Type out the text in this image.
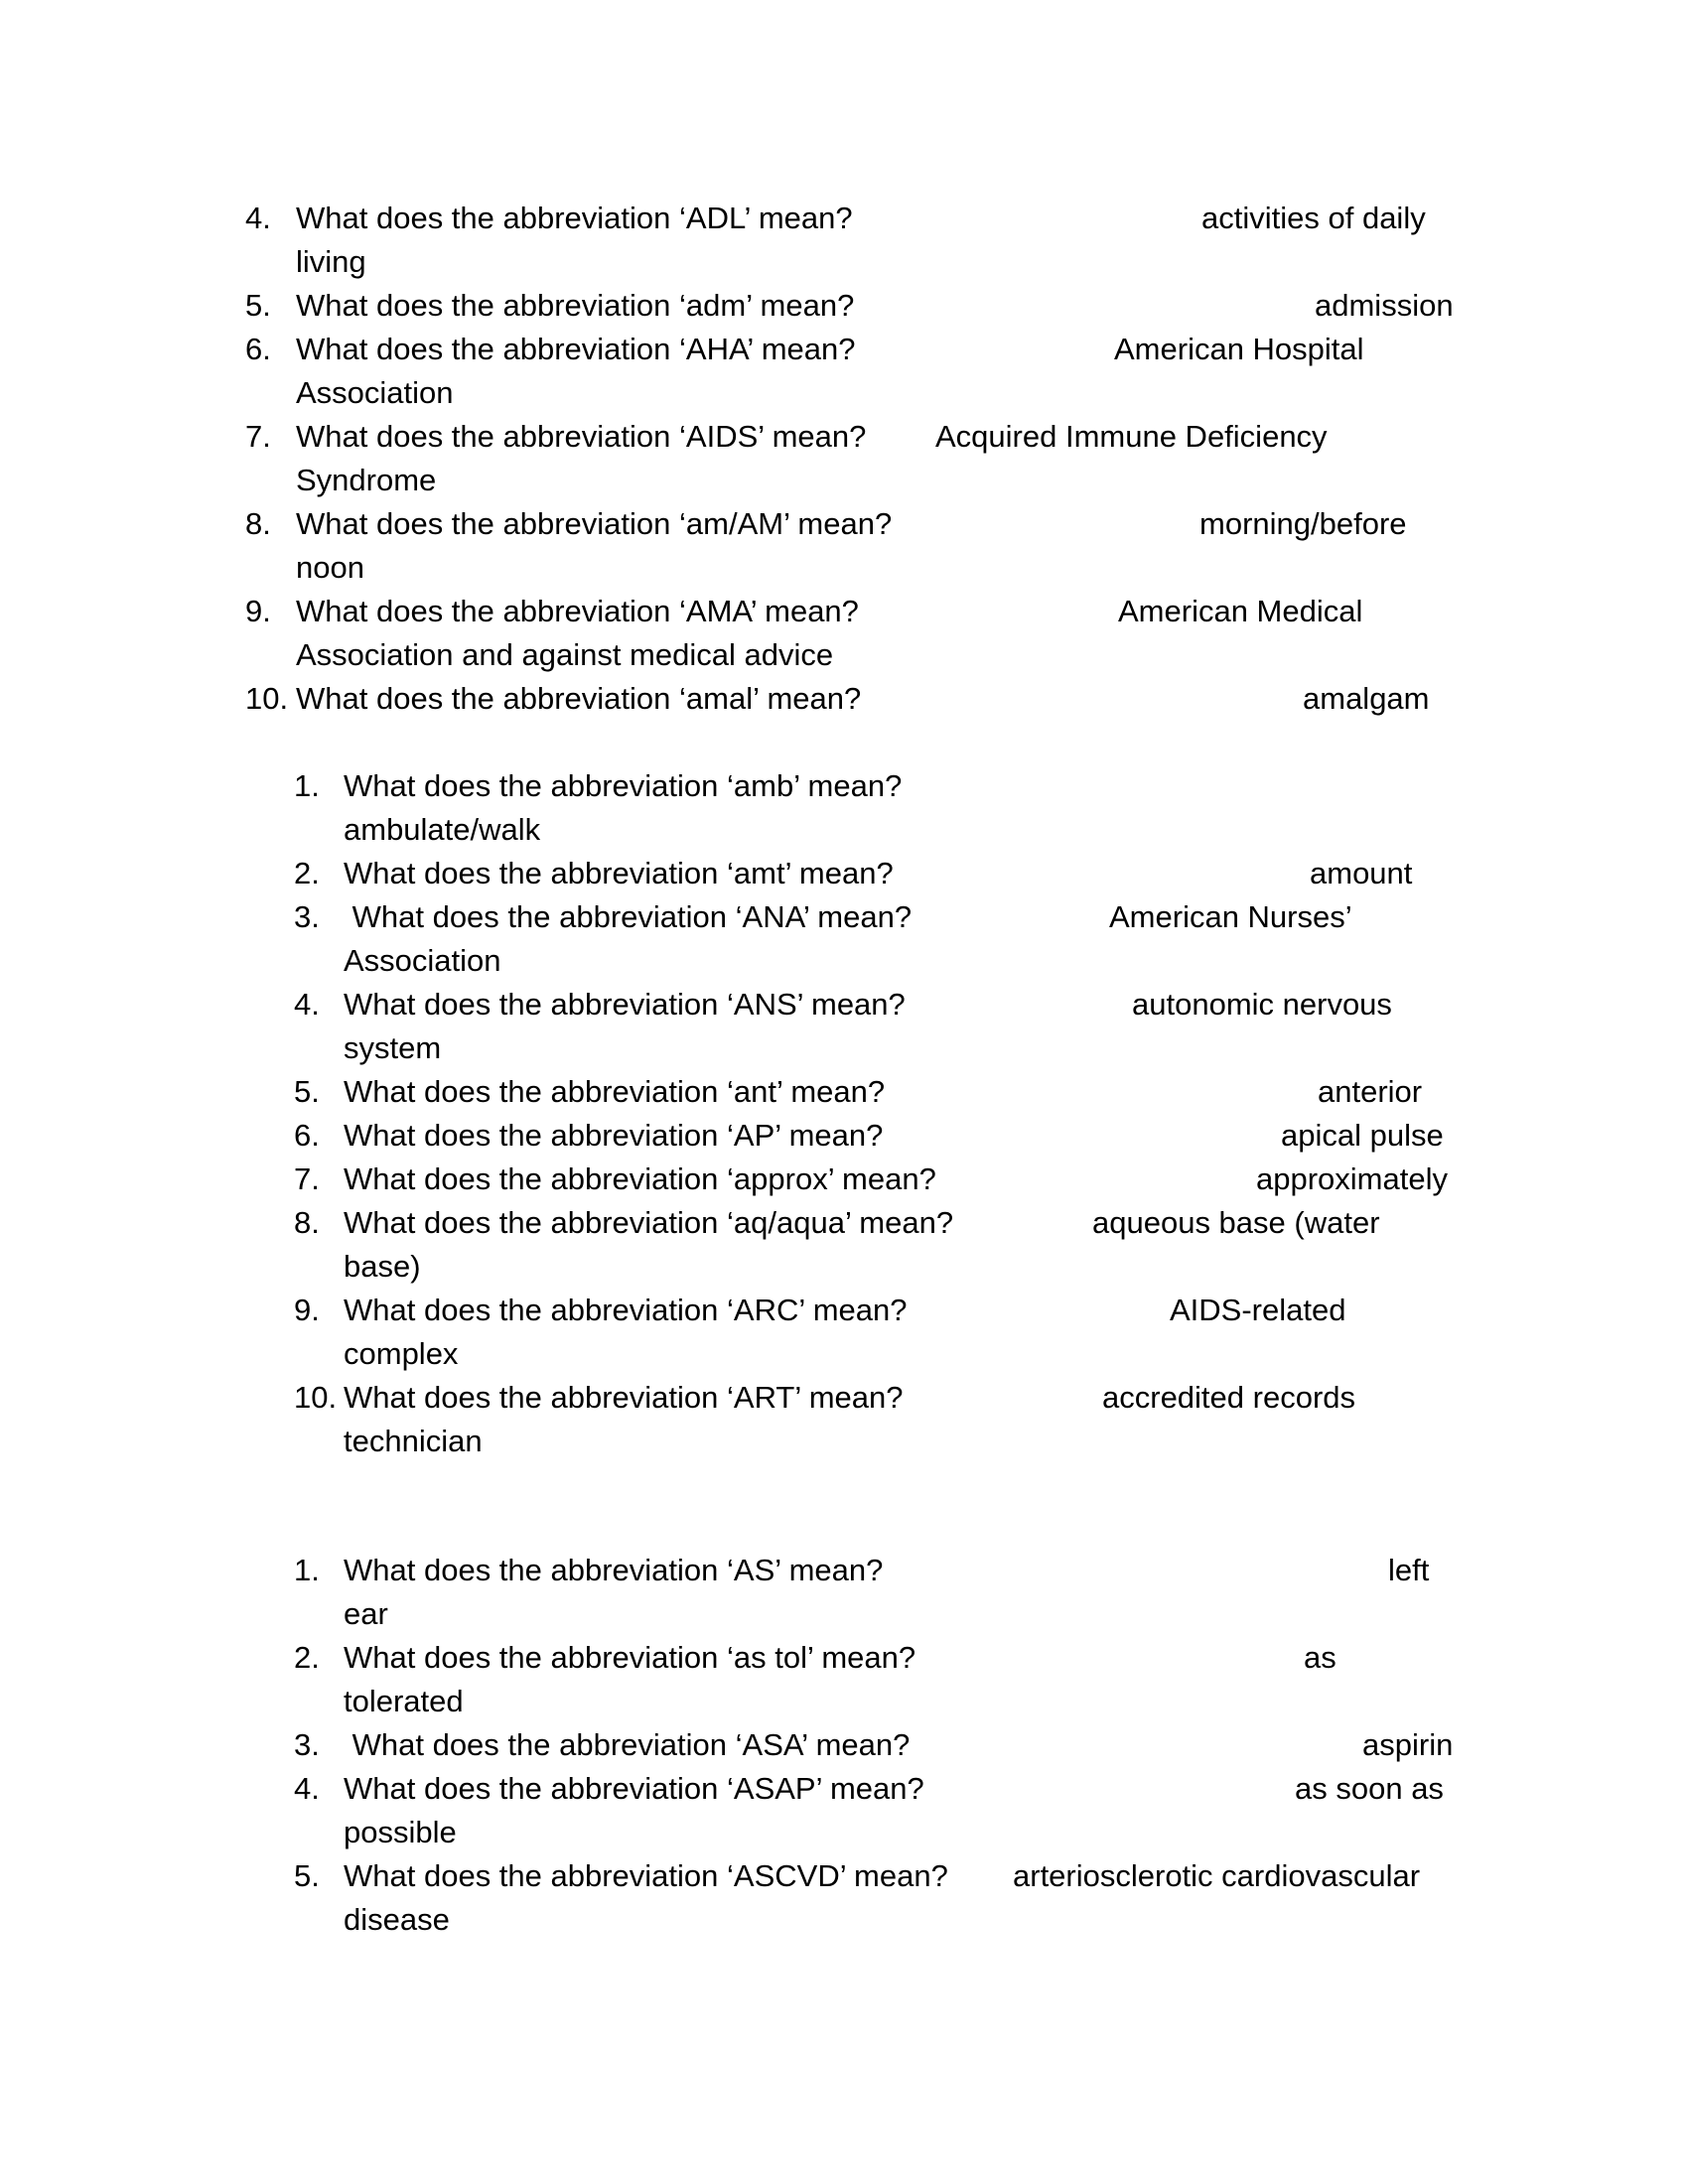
4. What does the abbreviation ‘ADL’ mean?	activities of daily
living
5. What does the abbreviation ‘adm’ mean?	admission
6. What does the abbreviation ‘AHA’ mean?	American Hospital
Association
7. What does the abbreviation ‘AIDS’ mean? Acquired Immune Deficiency
Syndrome
8. What does the abbreviation ‘am/AM’ mean?	morning/before
noon
9. What does the abbreviation ‘AMA’ mean?	American Medical
Association and against medical advice
10. What does the abbreviation ‘amal’ mean?	amalgam
1. What does the abbreviation ‘amb’ mean?
ambulate/walk
2. What does the abbreviation ‘amt’ mean?	amount
3. What does the abbreviation ‘ANA’ mean?	American Nurses’
Association
4. What does the abbreviation ‘ANS’ mean?	autonomic nervous
system
5. What does the abbreviation ‘ant’ mean?	anterior
6. What does the abbreviation ‘AP’ mean?	apical pulse
7. What does the abbreviation ‘approx’ mean?	approximately
8. What does the abbreviation ‘aq/aqua’ mean?	aqueous base (water
base)
9. What does the abbreviation ‘ARC’ mean?	AIDS-related
complex
10. What does the abbreviation ‘ART’ mean?	accredited records
technician
1. What does the abbreviation ‘AS’ mean?	left
ear
2. What does the abbreviation ‘as tol’ mean?	as
tolerated
3. What does the abbreviation ‘ASA’ mean?	aspirin
4. What does the abbreviation ‘ASAP’ mean?	as soon as
possible
5. What does the abbreviation ‘ASCVD’ mean? arteriosclerotic cardiovascular
disease
